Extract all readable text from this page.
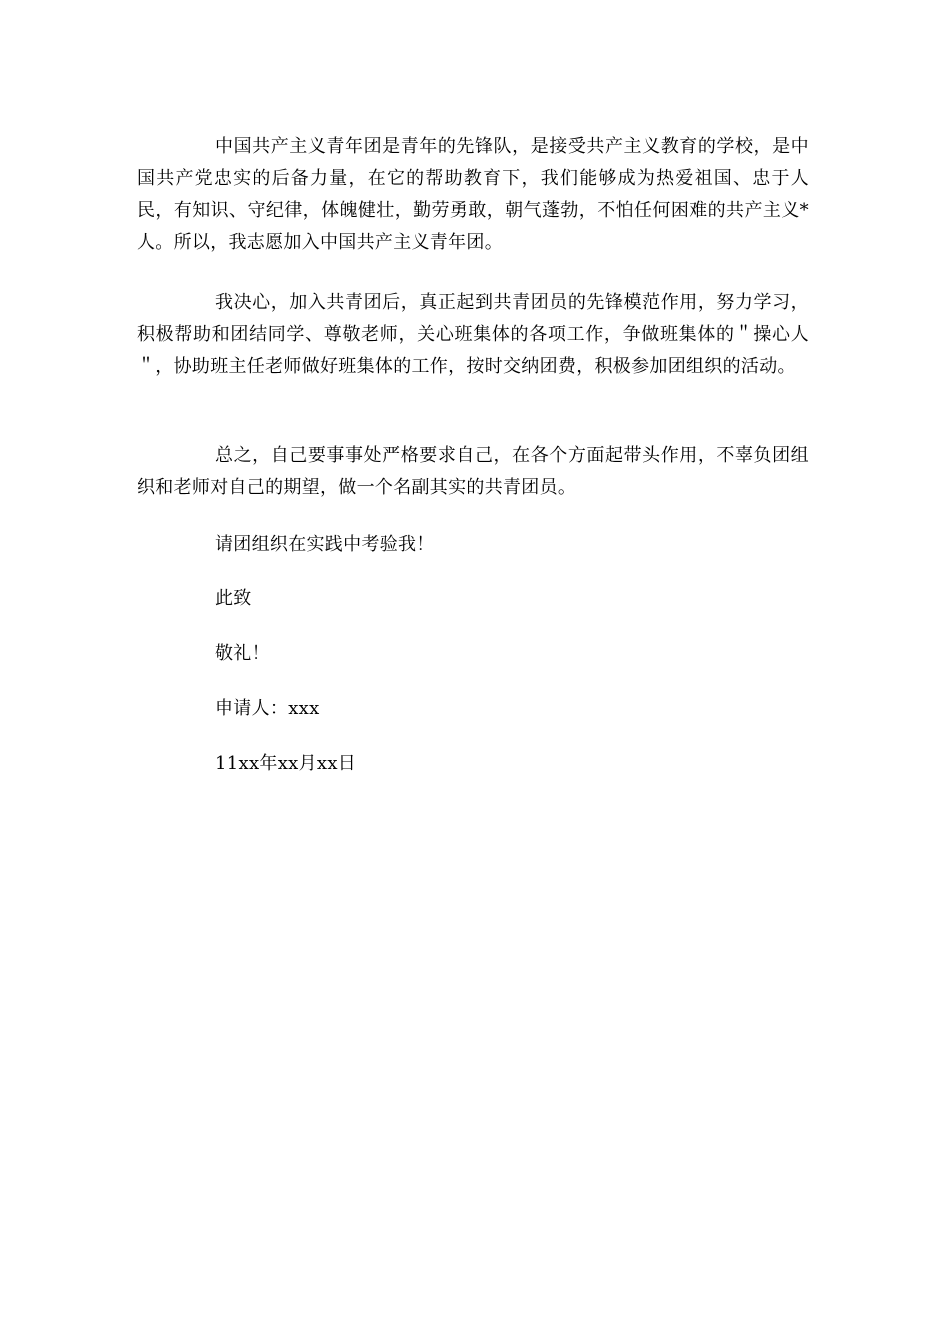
中国共产主义青年团是青年的先锋队，是接受共产主义教育的学校，是中国共产党忠实的后备力量，在它的帮助教育下，我们能够成为热爱祖国、忠于人民，有知识、守纪律，体魄健壮，勤劳勇敢，朝气蓬勃，不怕任何困难的共产主义*人。所以，我志愿加入中国共产主义青年团。

我决心，加入共青团后，真正起到共青团员的先锋模范作用，努力学习，积极帮助和团结同学、尊敬老师，关心班集体的各项工作，争做班集体的＂操心人＂，协助班主任老师做好班集体的工作，按时交纳团费，积极参加团组织的活动。

总之，自己要事事处严格要求自己，在各个方面起带头作用，不辜负团组织和老师对自己的期望，做一个名副其实的共青团员。

请团组织在实践中考验我！

此致

敬礼！

申请人：xxx

11xx年xx月xx日
